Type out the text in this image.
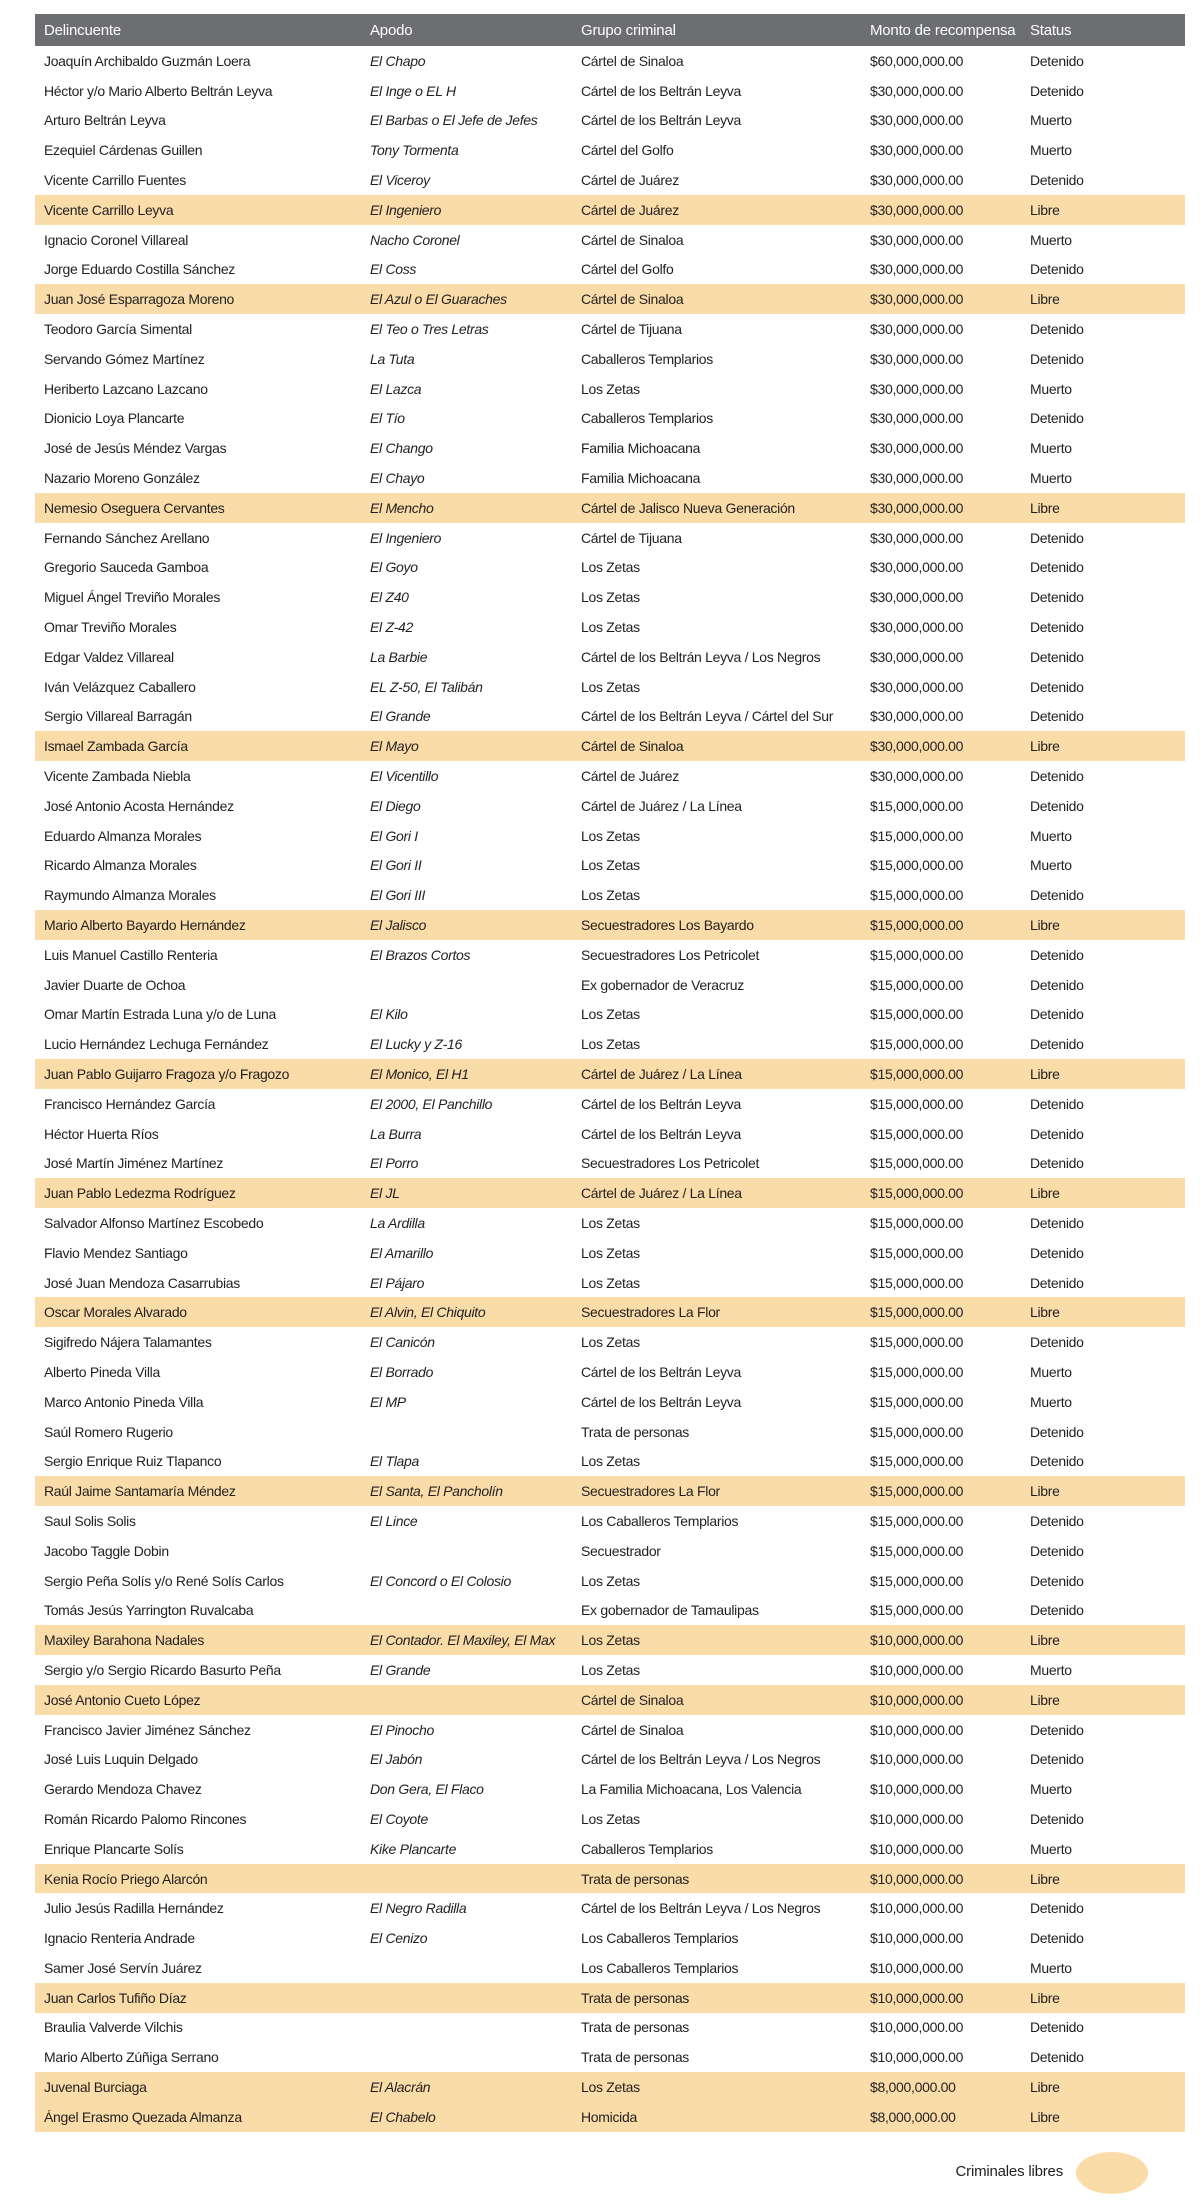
Delincuente	Apodo	Grupo criminal	Monto de recompensa	Status
Joaquín Archibaldo Guzmán Loera	El Chapo	Cártel de Sinaloa	$60,000,000.00	Detenido
Héctor y/o Mario Alberto Beltrán Leyva	El Inge o EL H	Cártel de los Beltrán Leyva	$30,000,000.00	Detenido
Arturo Beltrán Leyva	El Barbas o El Jefe de Jefes	Cártel de los Beltrán Leyva	$30,000,000.00	Muerto
Ezequiel Cárdenas Guillen	Tony Tormenta	Cártel del Golfo	$30,000,000.00	Muerto
Vicente Carrillo Fuentes	El Viceroy	Cártel de Juárez	$30,000,000.00	Detenido
Vicente Carrillo Leyva	El Ingeniero	Cártel de Juárez	$30,000,000.00	Libre
Ignacio Coronel Villareal	Nacho Coronel	Cártel de Sinaloa	$30,000,000.00	Muerto
Jorge Eduardo Costilla Sánchez	El Coss	Cártel del Golfo	$30,000,000.00	Detenido
Juan José Esparragoza Moreno	El Azul o El Guaraches	Cártel de Sinaloa	$30,000,000.00	Libre
Teodoro García Simental	El Teo o Tres Letras	Cártel de Tijuana	$30,000,000.00	Detenido
Servando Gómez Martínez	La Tuta	Caballeros Templarios	$30,000,000.00	Detenido
Heriberto Lazcano Lazcano	El Lazca	Los Zetas	$30,000,000.00	Muerto
Dionicio Loya Plancarte	El Tío	Caballeros Templarios	$30,000,000.00	Detenido
José de Jesús Méndez Vargas	El Chango	Familia Michoacana	$30,000,000.00	Muerto
Nazario Moreno González	El Chayo	Familia Michoacana	$30,000,000.00	Muerto
Nemesio Oseguera Cervantes	El Mencho	Cártel de Jalisco Nueva Generación	$30,000,000.00	Libre
Fernando Sánchez Arellano	El Ingeniero	Cártel de Tijuana	$30,000,000.00	Detenido
Gregorio Sauceda Gamboa	El Goyo	Los Zetas	$30,000,000.00	Detenido
Miguel Ángel Treviño Morales	El Z40	Los Zetas	$30,000,000.00	Detenido
Omar Treviño Morales	El Z-42	Los Zetas	$30,000,000.00	Detenido
Edgar Valdez Villareal	La Barbie	Cártel de los Beltrán Leyva / Los Negros	$30,000,000.00	Detenido
Iván Velázquez Caballero	EL Z-50, El Talibán	Los Zetas	$30,000,000.00	Detenido
Sergio Villareal Barragán	El Grande	Cártel de los Beltrán Leyva / Cártel del Sur	$30,000,000.00	Detenido
Ismael Zambada García	El Mayo	Cártel de Sinaloa	$30,000,000.00	Libre
Vicente Zambada Niebla	El Vicentillo	Cártel de Juárez	$30,000,000.00	Detenido
José Antonio Acosta Hernández	El Diego	Cártel de Juárez / La Línea	$15,000,000.00	Detenido
Eduardo Almanza Morales	El Gori I	Los Zetas	$15,000,000.00	Muerto
Ricardo Almanza Morales	El Gori II	Los Zetas	$15,000,000.00	Muerto
Raymundo Almanza Morales	El Gori III	Los Zetas	$15,000,000.00	Detenido
Mario Alberto Bayardo Hernández	El Jalisco	Secuestradores Los Bayardo	$15,000,000.00	Libre
Luis Manuel Castillo Renteria	El Brazos Cortos	Secuestradores Los Petricolet	$15,000,000.00	Detenido
Javier Duarte de Ochoa		Ex gobernador de Veracruz	$15,000,000.00	Detenido
Omar Martín Estrada Luna y/o de Luna	El Kilo	Los Zetas	$15,000,000.00	Detenido
Lucio Hernández Lechuga Fernández	El Lucky y Z-16	Los Zetas	$15,000,000.00	Detenido
Juan Pablo Guijarro Fragoza y/o Fragozo	El Monico, El H1	Cártel de Juárez / La Línea	$15,000,000.00	Libre
Francisco Hernández García	El 2000, El Panchillo	Cártel de los Beltrán Leyva	$15,000,000.00	Detenido
Héctor Huerta Ríos	La Burra	Cártel de los Beltrán Leyva	$15,000,000.00	Detenido
José Martín Jiménez Martínez	El Porro	Secuestradores Los Petricolet	$15,000,000.00	Detenido
Juan Pablo Ledezma Rodríguez	El JL	Cártel de Juárez / La Línea	$15,000,000.00	Libre
Salvador Alfonso Martínez Escobedo	La Ardilla	Los Zetas	$15,000,000.00	Detenido
Flavio Mendez Santiago	El Amarillo	Los Zetas	$15,000,000.00	Detenido
José Juan Mendoza Casarrubias	El Pájaro	Los Zetas	$15,000,000.00	Detenido
Oscar Morales Alvarado	El Alvin, El Chiquito	Secuestradores La Flor	$15,000,000.00	Libre
Sigifredo Nájera Talamantes	El Canicón	Los Zetas	$15,000,000.00	Detenido
Alberto Pineda Villa	El Borrado	Cártel de los Beltrán Leyva	$15,000,000.00	Muerto
Marco Antonio Pineda Villa	El MP	Cártel de los Beltrán Leyva	$15,000,000.00	Muerto
Saúl Romero Rugerio		Trata de personas	$15,000,000.00	Detenido
Sergio Enrique Ruiz Tlapanco	El Tlapa	Los Zetas	$15,000,000.00	Detenido
Raúl Jaime Santamaría Méndez	El Santa, El Pancholín	Secuestradores La Flor	$15,000,000.00	Libre
Saul Solis Solis	El Lince	Los Caballeros Templarios	$15,000,000.00	Detenido
Jacobo Taggle Dobin		Secuestrador	$15,000,000.00	Detenido
Sergio Peña Solís y/o René Solís Carlos	El Concord o El Colosio	Los Zetas	$15,000,000.00	Detenido
Tomás Jesús Yarrington Ruvalcaba		Ex gobernador de Tamaulipas	$15,000,000.00	Detenido
Maxiley Barahona Nadales	El Contador. El Maxiley, El Max	Los Zetas	$10,000,000.00	Libre
Sergio y/o Sergio Ricardo Basurto Peña	El Grande	Los Zetas	$10,000,000.00	Muerto
José Antonio Cueto López		Cártel de Sinaloa	$10,000,000.00	Libre
Francisco Javier Jiménez Sánchez	El Pinocho	Cártel de Sinaloa	$10,000,000.00	Detenido
José Luis Luquin Delgado	El Jabón	Cártel de los Beltrán Leyva / Los Negros	$10,000,000.00	Detenido
Gerardo Mendoza Chavez	Don Gera, El Flaco	La Familia Michoacana, Los Valencia	$10,000,000.00	Muerto
Román Ricardo Palomo Rincones	El Coyote	Los Zetas	$10,000,000.00	Detenido
Enrique Plancarte Solís	Kike Plancarte	Caballeros Templarios	$10,000,000.00	Muerto
Kenia Rocío Priego Alarcón		Trata de personas	$10,000,000.00	Libre
Julio Jesús Radilla Hernández	El Negro Radilla	Cártel de los Beltrán Leyva / Los Negros	$10,000,000.00	Detenido
Ignacio Renteria Andrade	El Cenizo	Los Caballeros Templarios	$10,000,000.00	Detenido
Samer José Servín Juárez		Los Caballeros Templarios	$10,000,000.00	Muerto
Juan Carlos Tufiño Díaz		Trata de personas	$10,000,000.00	Libre
Braulia Valverde Vilchis		Trata de personas	$10,000,000.00	Detenido
Mario Alberto Zúñiga Serrano		Trata de personas	$10,000,000.00	Detenido
Juvenal Burciaga	El Alacrán	Los Zetas	$8,000,000.00	Libre
Ángel Erasmo Quezada Almanza	El Chabelo	Homicida	$8,000,000.00	Libre
Criminales libres
